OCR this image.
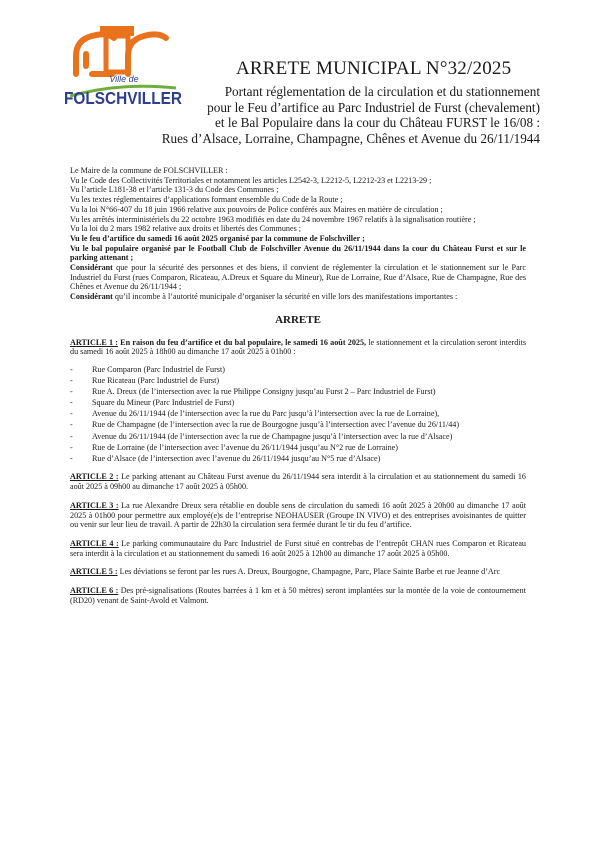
Ville de
FOLSCHVILLER
ARRETE MUNICIPAL N°32/2025
Portant réglementation de la circulation et du stationnement
pour le Feu d’artifice au Parc Industriel de Furst (chevalement)
et le Bal Populaire dans la cour du Château FURST le 16/08 :
Rues d’Alsace, Lorraine, Champagne, Chênes et Avenue du 26/11/1944

Le Maire de la commune de FOLSCHVILLER :

Vu le Code des Collectivités Territoriales et notamment les articles L2542-3, L2212-5, L2212-23 et L2213-29 ;

Vu l’article L181-38 et l’article 131-3 du Code des Communes ;

Vu les textes réglementaires d’applications formant ensemble du Code de la Route ;

Vu la loi N°66-407 du 18 juin 1966 relative aux pouvoirs de Police conférés aux Maires en matière de circulation ;

Vu les arrêtés interministériels du 22 octobre 1963 modifiés en date du 24 novembre 1967 relatifs à la signalisation routière ;

Vu la loi du 2 mars 1982 relative aux droits et libertés des Communes ;

Vu le feu d’artifice du samedi 16 août 2025 organisé par la commune de Folschviller ;

Vu le bal populaire organisé par le Football Club de Folschviller Avenue du 26/11/1944 dans la cour du Château Furst et sur le parking attenant ;

Considérant que pour la sécurité des personnes et des biens, il convient de réglementer la circulation et le stationnement sur le Parc Industriel du Furst (rues Comparon, Ricateau, A.Dreux et Square du Mineur), Rue de Lorraine, Rue d’Alsace, Rue de Champagne, Rue des Chênes et Avenue du 26/11/1944 ;

Considérant qu’il incombe à l’autorité municipale d’organiser la sécurité en ville lors des manifestations importantes :

ARRETE

ARTICLE 1 : En raison du feu d’artifice et du bal populaire, le samedi 16 août 2025, le stationnement et la circulation seront interdits du samedi 16 août 2025 à 18h00 au dimanche 17 août 2025 à 01h00 :

- Rue Comparon (Parc Industriel de Furst)
- Rue Ricateau (Parc Industriel de Furst)
- Rue A. Dreux (de l’intersection avec la rue Philippe Consigny jusqu’au Furst 2 – Parc Industriel de Furst)
- Square du Mineur (Parc Industriel de Furst)
- Avenue du 26/11/1944 (de l’intersection avec la rue du Parc jusqu’à l’intersection avec la rue de Lorraine),
- Rue de Champagne (de l’intersection avec la rue de Bourgogne jusqu’à l’intersection avec l’avenue du 26/11/44)
- Avenue du 26/11/1944 (de l’intersection avec la rue de Champagne jusqu’à l’intersection avec la rue d’Alsace)
- Rue de Lorraine (de l’intersection avec l’avenue du 26/11/1944 jusqu’au N°2 rue de Lorraine)
- Rue d’Alsace (de l’intersection avec l’avenue du 26/11/1944 jusqu’au N°5 rue d’Alsace)

ARTICLE 2 : Le parking attenant au Château Furst avenue du 26/11/1944 sera interdit à la circulation et au stationnement du samedi 16 août 2025 à 09h00 au dimanche 17 août 2025 à 05h00.

ARTICLE 3 : La rue Alexandre Dreux sera rétablie en double sens de circulation du samedi 16 août 2025 à 20h00 au dimanche 17 août 2025 à 01h00 pour permettre aux employé(e)s de l’entreprise NEOHAUSER (Groupe IN VIVO) et des entreprises avoisinantes de quitter ou venir sur leur lieu de travail. A partir de 22h30 la circulation sera fermée durant le tir du feu d’artifice.

ARTICLE 4 : Le parking communautaire du Parc Industriel de Furst situé en contrebas de l’entrepôt CHAN rues Comparon et Ricateau sera interdit à la circulation et au stationnement du samedi 16 août 2025 à 12h00 au dimanche 17 août 2025 à 05h00.

ARTICLE 5 : Les déviations se feront par les rues A. Dreux, Bourgogne, Champagne, Parc, Place Sainte Barbe et rue Jeanne d’Arc

ARTICLE 6 : Des pré-signalisations (Routes barrées à 1 km et à 50 mètres) seront implantées sur la montée de la voie de contournement (RD20) venant de Saint-Avold et Valmont.
